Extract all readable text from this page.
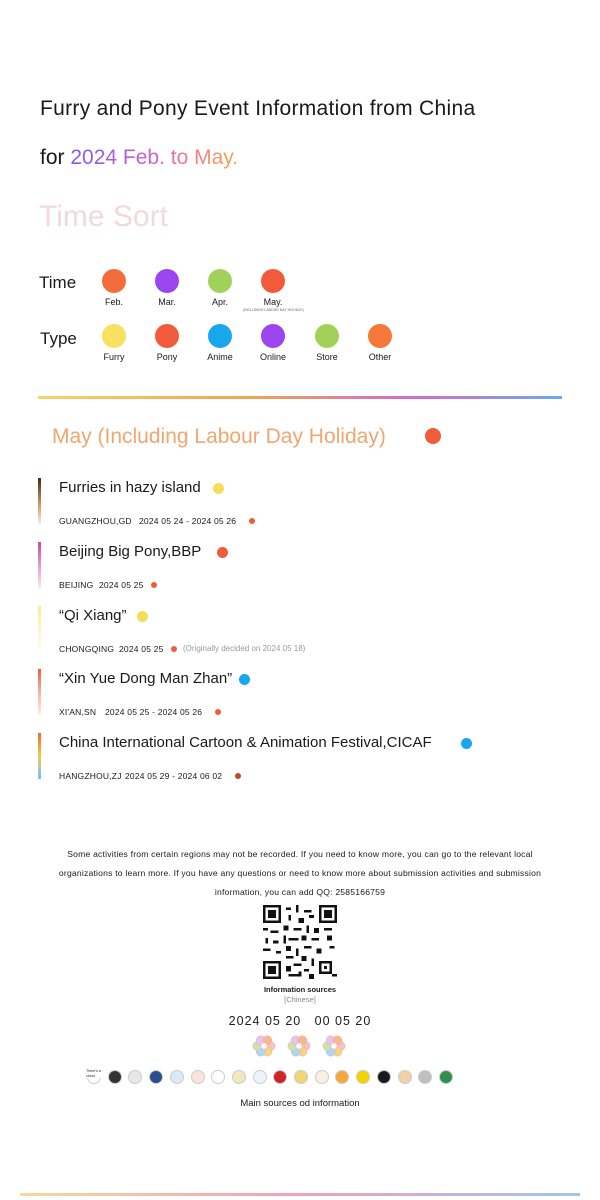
Furry and Pony Event Information from China
for 2024 Feb. to May.
Time Sort
Time
Type
May (Including Labour Day Holiday)
Some activities from certain regions may not be recorded. If you need to know more, you can go to the relevant local organizations to learn more. If you have any questions or need to know more about submission activities and submission information, you can add QQ: 2585166759
Information sources
[Chinese]
2024 05 20   00 05 20
Main sources od information
Feb.	Mar.	Apr.	May.
(INCLUDING LABOUR DAY HOLIDAY)
Furry	Pony	Anime	Online	Store	Other
Furries in hazy island
GUANGZHOU,GD 2024 05 24 - 2024 05 26
Beijing Big Pony,BBP
BEIJING 2024 05 25
“Qi Xiang”
CHONGQING 2024 05 25 (Originally decided on 2024 05 18)
“Xin Yue Dong Man Zhan”
XI'AN,SN 2024 05 25 - 2024 05 26
China International Cartoon & Animation Festival,CICAF
HANGZHOU,ZJ 2024 05 29 - 2024 06 02
There's a cloud
